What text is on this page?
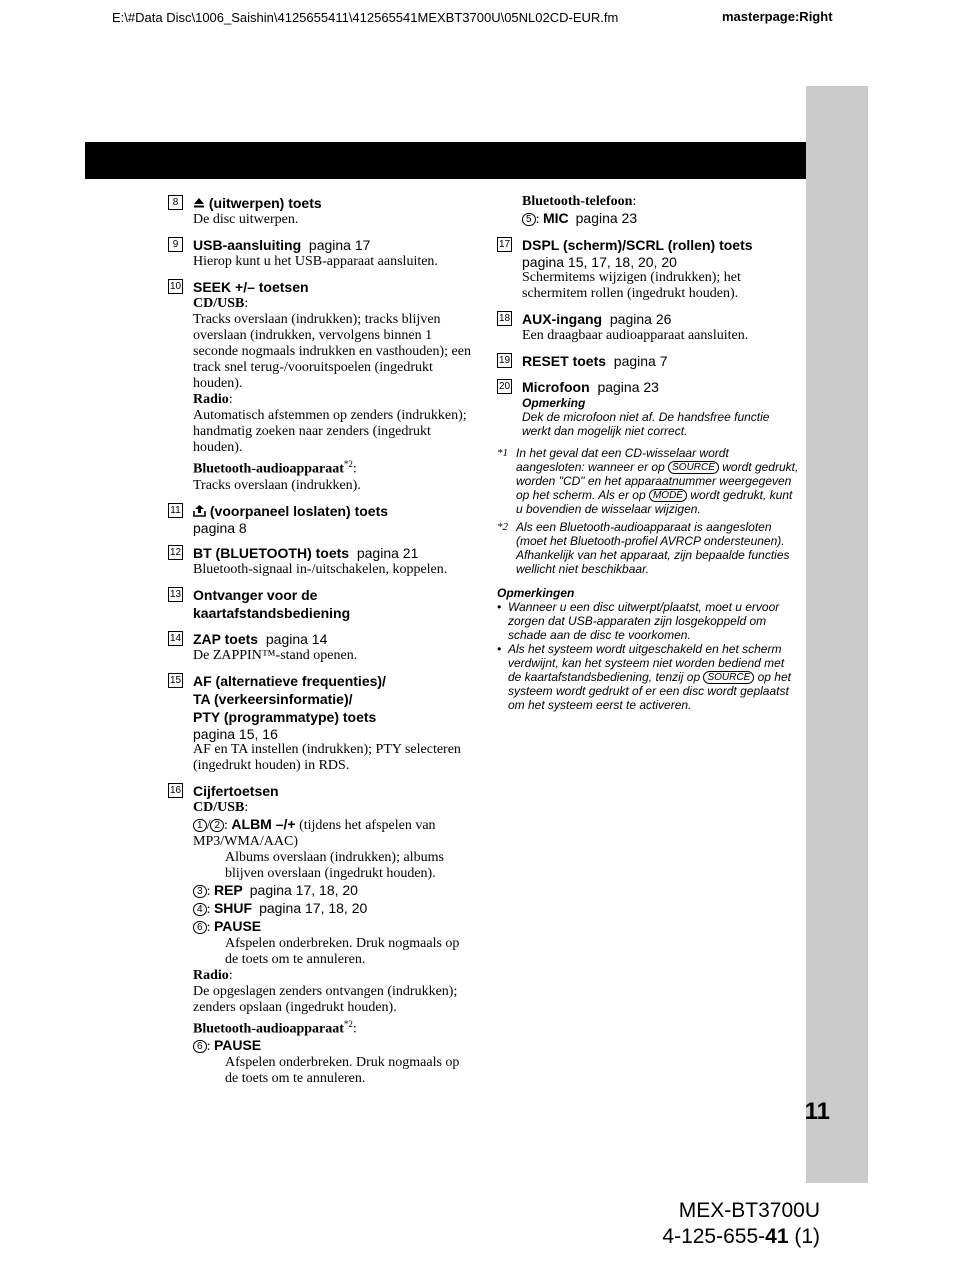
E:\#Data Disc\1006_Saishin\4125655411\412565541MEXBT3700U\05NL02CD-EUR.fm	masterpage:Right
8	(uitwerpen) toets
De disc uitwerpen.
9	USB-aansluiting pagina 17
Hierop kunt u het USB-apparaat aansluiten.
10 SEEK +/– toetsen
CD/USB:
Tracks overslaan (indrukken); tracks blijven overslaan (indrukken, vervolgens binnen 1 seconde nogmaals indrukken en vasthouden); een track snel terug-/vooruitspoelen (ingedrukt houden).
Radio:
Automatisch afstemmen op zenders (indrukken); handmatig zoeken naar zenders (ingedrukt houden).
Bluetooth-audioapparaat$^{*2}$:
Tracks overslaan (indrukken).
11	(voorpaneel loslaten) toets
pagina 8
12 BT (BLUETOOTH) toets pagina 21
Bluetooth-signaal in-/uitschakelen, koppelen.
13 Ontvanger voor de
kaartafstandsbediening
14 ZAP toets pagina 14
De ZAPPIN™-stand openen.
15 AF (alternatieve frequenties)/
TA (verkeersinformatie)/
PTY (programmatype) toets
pagina 15, 16
AF en TA instellen (indrukken); PTY selecteren (ingedrukt houden) in RDS.
16 Cijfertoetsen
CD/USB:
1 / 2 : ALBM –/+ (tijdens het afspelen van MP3/WMA/AAC)
Albums overslaan (indrukken); albums blijven overslaan (ingedrukt houden).
3 : REP pagina 17, 18, 20
4 : SHUF pagina 17, 18, 20
6 : PAUSE
Afspelen onderbreken. Druk nogmaals op de toets om te annuleren.
Radio:
De opgeslagen zenders ontvangen (indrukken); zenders opslaan (ingedrukt houden).
Bluetooth-audioapparaat$^{*2}$:
6 : PAUSE
Afspelen onderbreken. Druk nogmaals op de toets om te annuleren.
Bluetooth-telefoon:
5 : MIC pagina 23
17 DSPL (scherm)/SCRL (rollen) toets
pagina 15, 17, 18, 20, 20
Schermitems wijzigen (indrukken); het schermitem rollen (ingedrukt houden).
18 AUX-ingang pagina 26
Een draagbaar audioapparaat aansluiten.
19 RESET toets pagina 7
20 Microfoon pagina 23
Opmerking
Dek de microfoon niet af. De handsfree functie werkt dan mogelijk niet correct.
*1 In het geval dat een CD-wisselaar wordt aangesloten: wanneer er op SOURCE wordt gedrukt, worden "CD" en het apparaatnummer weergegeven op het scherm. Als er op MODE wordt gedrukt, kunt u bovendien de wisselaar wijzigen.
*2 Als een Bluetooth-audioapparaat is aangesloten (moet het Bluetooth-profiel AVRCP ondersteunen). Afhankelijk van het apparaat, zijn bepaalde functies wellicht niet beschikbaar.
Opmerkingen
• Wanneer u een disc uitwerpt/plaatst, moet u ervoor zorgen dat USB-apparaten zijn losgekoppeld om schade aan de disc te voorkomen.
• Als het systeem wordt uitgeschakeld en het scherm verdwijnt, kan het systeem niet worden bediend met de kaartafstandsbediening, tenzij op SOURCE op het systeem wordt gedrukt of er een disc wordt geplaatst om het systeem eerst te activeren.
11
MEX-BT3700U
4-125-655-41 (1)
